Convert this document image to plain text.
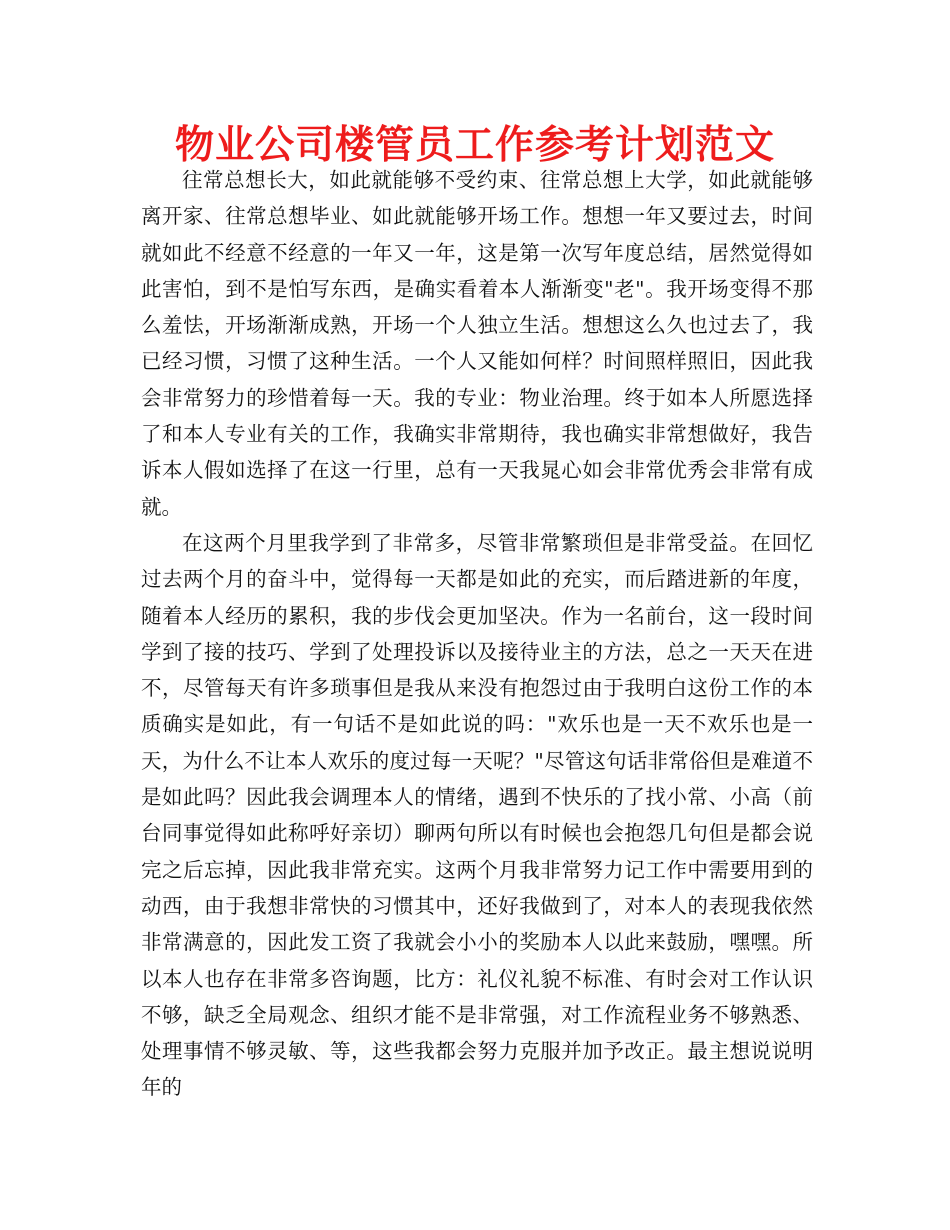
物业公司楼管员工作参考计划范文

往常总想长大，如此就能够不受约束、往常总想上大学，如此就能够离开家、往常总想毕业、如此就能够开场工作。想想一年又要过去，时间就如此不经意不经意的一年又一年，这是第一次写年度总结，居然觉得如此害怕，到不是怕写东西，是确实看着本人渐渐变"老"。我开场变得不那么羞怯，开场渐渐成熟，开场一个人独立生活。想想这么久也过去了，我已经习惯，习惯了这种生活。一个人又能如何样？时间照样照旧，因此我会非常努力的珍惜着每一天。我的专业：物业治理。终于如本人所愿选择了和本人专业有关的工作，我确实非常期待，我也确实非常想做好，我告诉本人假如选择了在这一行里，总有一天我晁心如会非常优秀会非常有成就。

在这两个月里我学到了非常多，尽管非常繁琐但是非常受益。在回忆过去两个月的奋斗中，觉得每一天都是如此的充实，而后踏进新的年度，随着本人经历的累积，我的步伐会更加坚决。作为一名前台，这一段时间学到了接的技巧、学到了处理投诉以及接待业主的方法，总之一天天在进不，尽管每天有许多琐事但是我从来没有抱怨过由于我明白这份工作的本质确实是如此，有一句话不是如此说的吗："欢乐也是一天不欢乐也是一天，为什么不让本人欢乐的度过每一天呢？"尽管这句话非常俗但是难道不是如此吗？因此我会调理本人的情绪，遇到不快乐的了找小常、小高（前台同事觉得如此称呼好亲切）聊两句所以有时候也会抱怨几句但是都会说完之后忘掉，因此我非常充实。这两个月我非常努力记工作中需要用到的动西，由于我想非常快的习惯其中，还好我做到了，对本人的表现我依然非常满意的，因此发工资了我就会小小的奖励本人以此来鼓励，嘿嘿。所以本人也存在非常多咨询题，比方：礼仪礼貌不标准、有时会对工作认识不够，缺乏全局观念、组织才能不是非常强，对工作流程业务不够熟悉、处理事情不够灵敏、等，这些我都会努力克服并加予改正。最主想说说明年的
